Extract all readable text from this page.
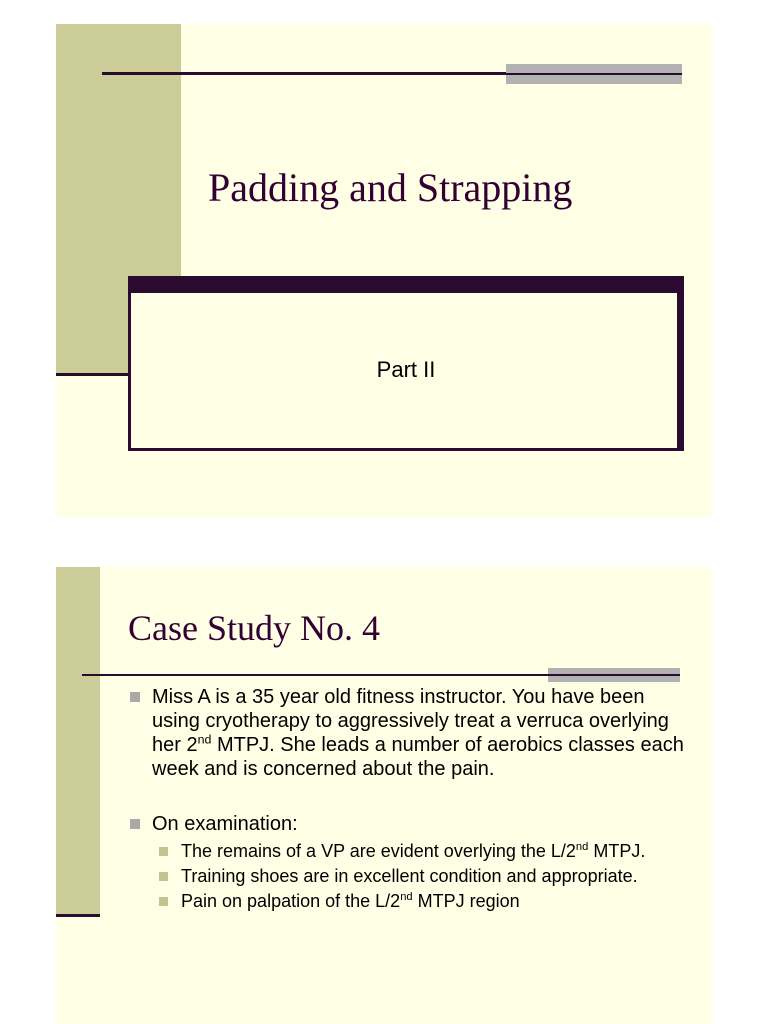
Padding and Strapping
Part II
Case Study No. 4
Miss A is a 35 year old fitness instructor. You have been using cryotherapy to aggressively treat a verruca overlying her 2nd MTPJ. She leads a number of aerobics classes each week and is concerned about the pain.
On examination:
The remains of a VP are evident overlying the L/2nd MTPJ.
Training shoes are in excellent condition and appropriate.
Pain on palpation of the L/2nd MTPJ region
